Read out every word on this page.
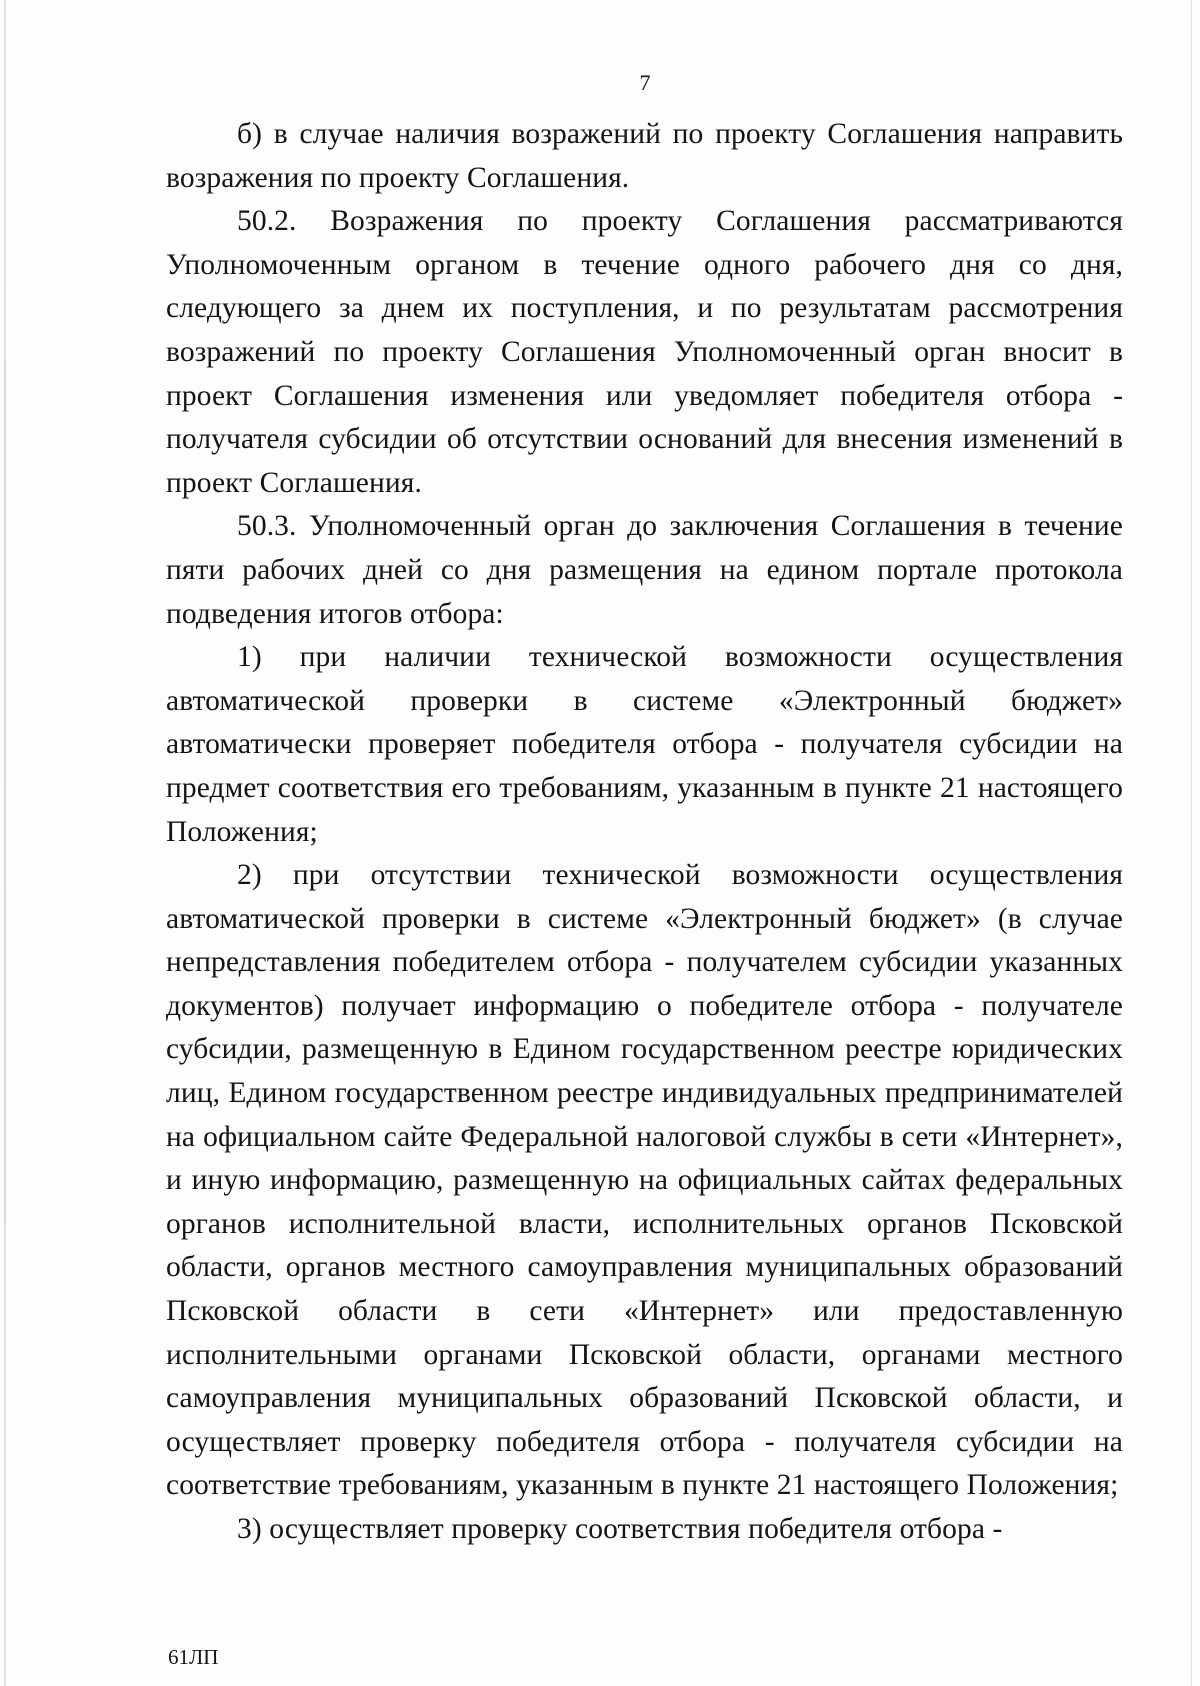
7

б) в случае наличия возражений по проекту Соглашения направить возражения по проекту Соглашения.

50.2. Возражения по проекту Соглашения рассматриваются Уполномоченным органом в течение одного рабочего дня со дня, следующего за днем их поступления, и по результатам рассмотрения возражений по проекту Соглашения Уполномоченный орган вносит в проект Соглашения изменения или уведомляет победителя отбора - получателя субсидии об отсутствии оснований для внесения изменений в проект Соглашения.

50.3. Уполномоченный орган до заключения Соглашения в течение пяти рабочих дней со дня размещения на едином портале протокола подведения итогов отбора:

1) при наличии технической возможности осуществления автоматической проверки в системе «Электронный бюджет» автоматически проверяет победителя отбора - получателя субсидии на предмет соответствия его требованиям, указанным в пункте 21 настоящего Положения;

2) при отсутствии технической возможности осуществления автоматической проверки в системе «Электронный бюджет» (в случае непредставления победителем отбора - получателем субсидии указанных документов) получает информацию о победителе отбора - получателе субсидии, размещенную в Едином государственном реестре юридических лиц, Едином государственном реестре индивидуальных предпринимателей на официальном сайте Федеральной налоговой службы в сети «Интернет», и иную информацию, размещенную на официальных сайтах федеральных органов исполнительной власти, исполнительных органов Псковской области, органов местного самоуправления муниципальных образований Псковской области в сети «Интернет» или предоставленную исполнительными органами Псковской области, органами местного самоуправления муниципальных образований Псковской области, и осуществляет проверку победителя отбора - получателя субсидии на соответствие требованиям, указанным в пункте 21 настоящего Положения;

3) осуществляет проверку соответствия победителя отбора -

61ЛП
